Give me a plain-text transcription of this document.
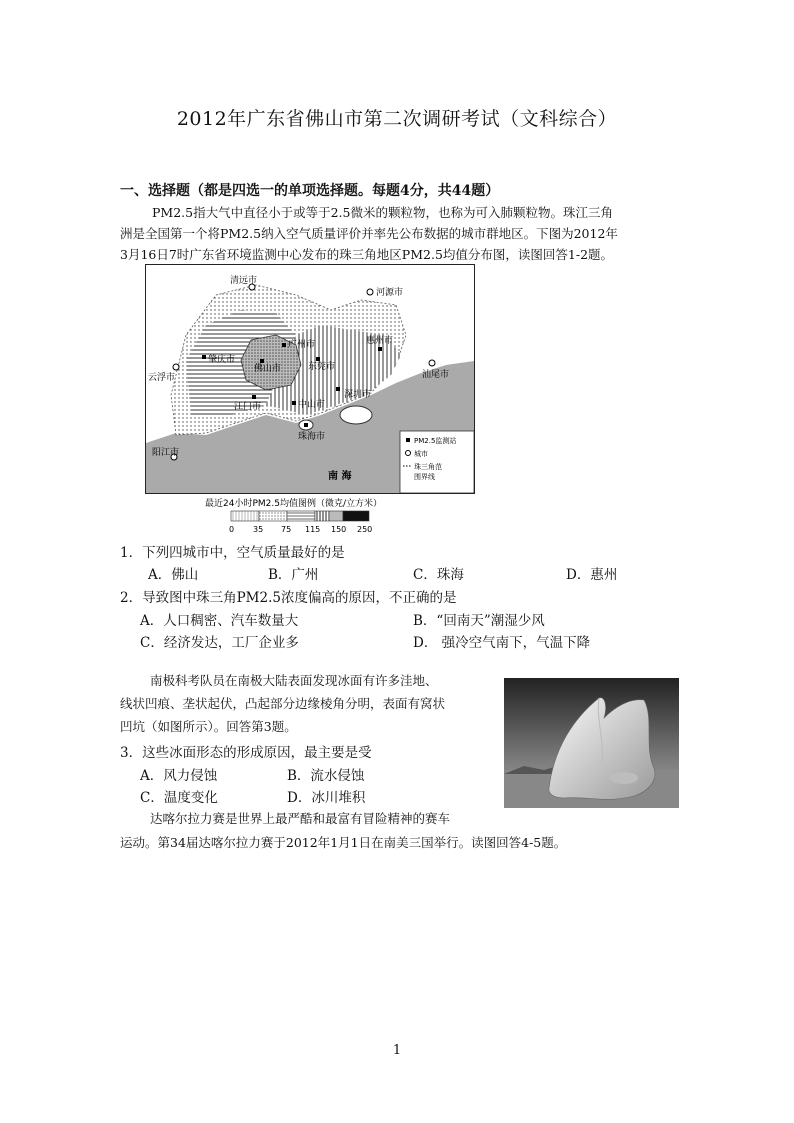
2012年广东省佛山市第二次调研考试（文科综合）
一、选择题（都是四选一的单项选择题。每题4分，共44题）
PM2.5指大气中直径小于或等于2.5微米的颗粒物，也称为可入肺颗粒物。珠江三角
洲是全国第一个将PM2.5纳入空气质量评价并率先公布数据的城市群地区。下图为2012年
3月16日7时广东省环境监测中心发布的珠三角地区PM2.5均值分布图，读图回答1-2题。
清远市
河源市
广州市	惠州市
肇庆市
佛山市	东莞市
云浮市	汕尾市
深圳市
江门市	中山市
珠海市
阳江市
南 海
PM2.5监测站
城市
珠三角范
围界线
最近24小时PM2.5均值图例（微克/立方米）
0 35 75 115 150 250
1．下列四城市中，空气质量最好的是
A．佛山	B．广州	C．珠海	D．惠州
2．导致图中珠三角PM2.5浓度偏高的原因，不正确的是
A．人口稠密、汽车数量大	B．“回南天”潮湿少风
C．经济发达，工厂企业多	D． 强冷空气南下，气温下降
南极科考队员在南极大陆表面发现冰面有许多洼地、
线状凹痕、垄状起伏，凸起部分边缘棱角分明，表面有窝状
凹坑（如图所示）。回答第3题。
3．这些冰面形态的形成原因，最主要是受
A．风力侵蚀	B．流水侵蚀
C．温度变化	D．冰川堆积
达喀尔拉力赛是世界上最严酷和最富有冒险精神的赛车
运动。第34届达喀尔拉力赛于2012年1月1日在南美三国举行。读图回答4-5题。
1
